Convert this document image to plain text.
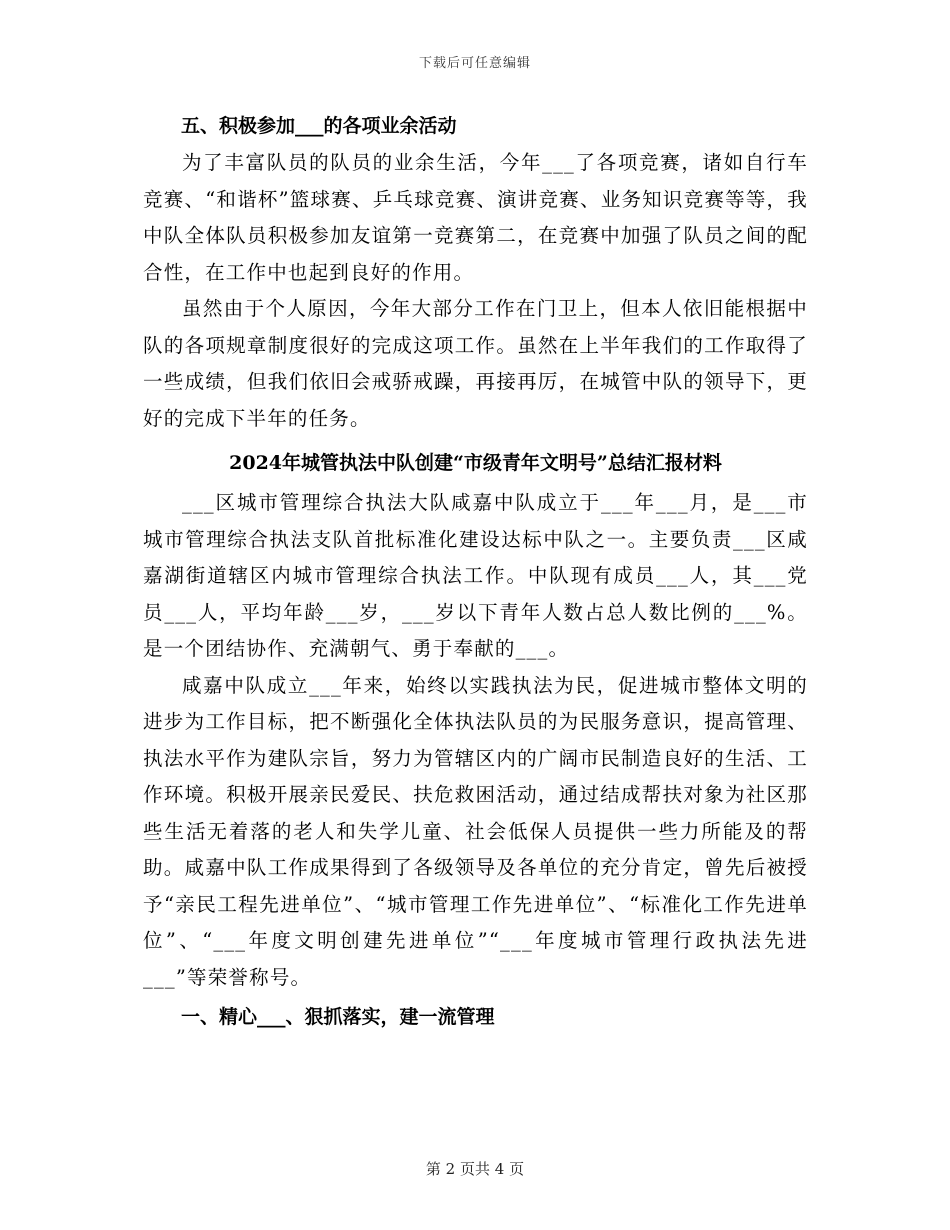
下载后可任意编辑
五、积极参加___的各项业余活动

为了丰富队员的队员的业余生活，今年___了各项竞赛，诸如自行车竞赛、“和谐杯”篮球赛、乒乓球竞赛、演讲竞赛、业务知识竞赛等等，我中队全体队员积极参加友谊第一竞赛第二，在竞赛中加强了队员之间的配合性，在工作中也起到良好的作用。

虽然由于个人原因，今年大部分工作在门卫上，但本人依旧能根据中队的各项规章制度很好的完成这项工作。虽然在上半年我们的工作取得了一些成绩，但我们依旧会戒骄戒躁，再接再厉，在城管中队的领导下，更好的完成下半年的任务。

2024年城管执法中队创建“市级青年文明号”总结汇报材料

___区城市管理综合执法大队咸嘉中队成立于___年___月，是___市城市管理综合执法支队首批标准化建设达标中队之一。主要负责___区咸嘉湖街道辖区内城市管理综合执法工作。中队现有成员___人，其___党员___人，平均年龄___岁，___岁以下青年人数占总人数比例的___%。是一个团结协作、充满朝气、勇于奉献的___。

咸嘉中队成立___年来，始终以实践执法为民，促进城市整体文明的进步为工作目标，把不断强化全体执法队员的为民服务意识，提高管理、执法水平作为建队宗旨，努力为管辖区内的广阔市民制造良好的生活、工作环境。积极开展亲民爱民、扶危救困活动，通过结成帮扶对象为社区那些生活无着落的老人和失学儿童、社会低保人员提供一些力所能及的帮助。咸嘉中队工作成果得到了各级领导及各单位的充分肯定，曾先后被授予“亲民工程先进单位”、“城市管理工作先进单位”、“标准化工作先进单位”、“___年度文明创建先进单位”“___年度城市管理行政执法先进___”等荣誉称号。

一、精心___、狠抓落实，建一流管理
第 2 页共 4 页
